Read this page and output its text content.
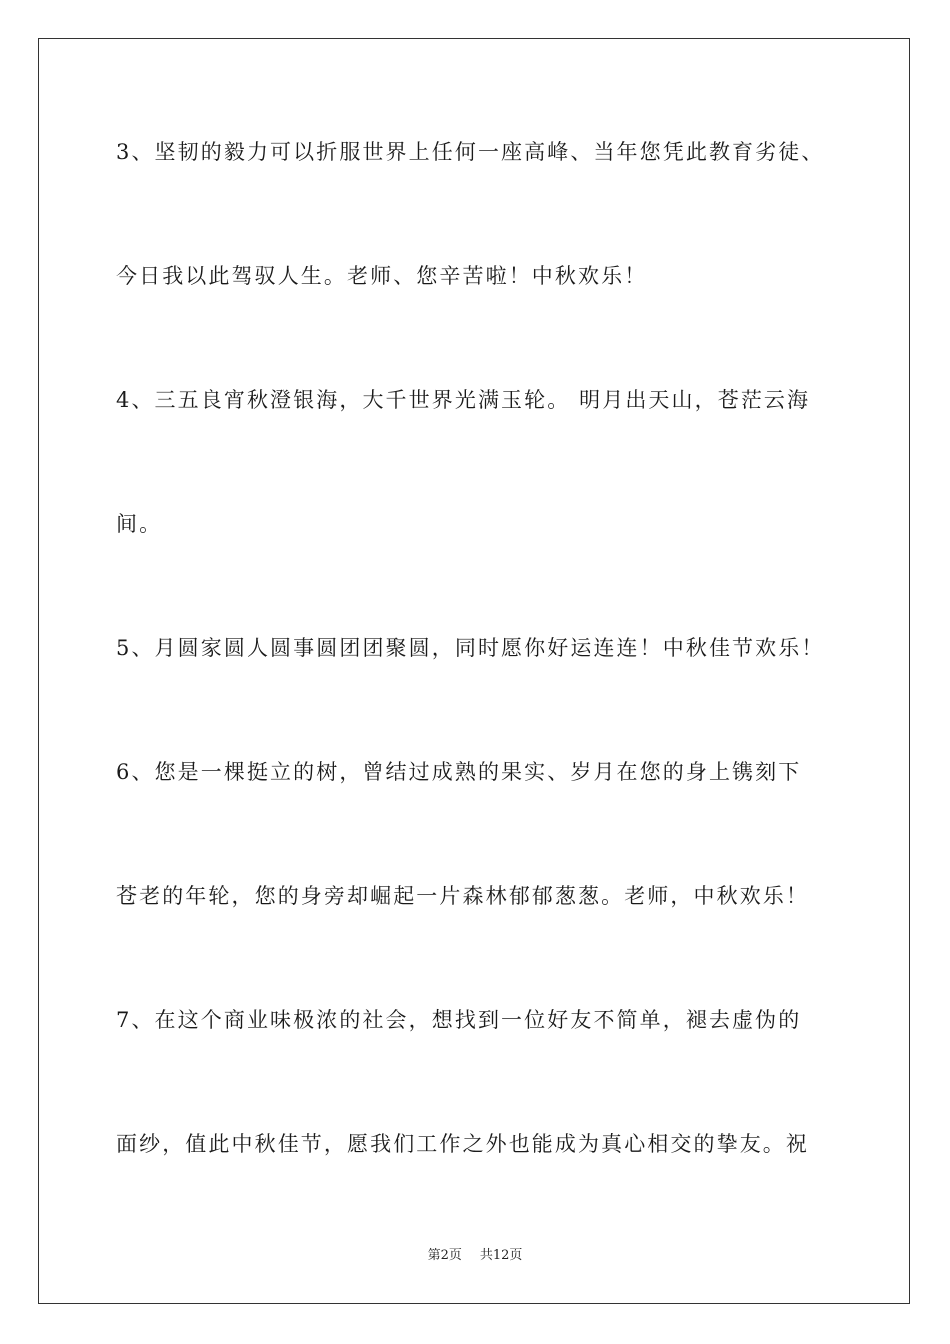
3、坚韧的毅力可以折服世界上任何一座高峰、当年您凭此教育劣徒、
今日我以此驾驭人生。老师、您辛苦啦！中秋欢乐！
4、三五良宵秋澄银海，大千世界光满玉轮。 明月出天山，苍茫云海
间。
5、月圆家圆人圆事圆团团聚圆，同时愿你好运连连！中秋佳节欢乐！
6、您是一棵挺立的树，曾结过成熟的果实、岁月在您的身上镌刻下
苍老的年轮，您的身旁却崛起一片森林郁郁葱葱。老师，中秋欢乐！
7、在这个商业味极浓的社会，想找到一位好友不简单，褪去虚伪的
面纱，值此中秋佳节，愿我们工作之外也能成为真心相交的挚友。祝
第2页 共12页
